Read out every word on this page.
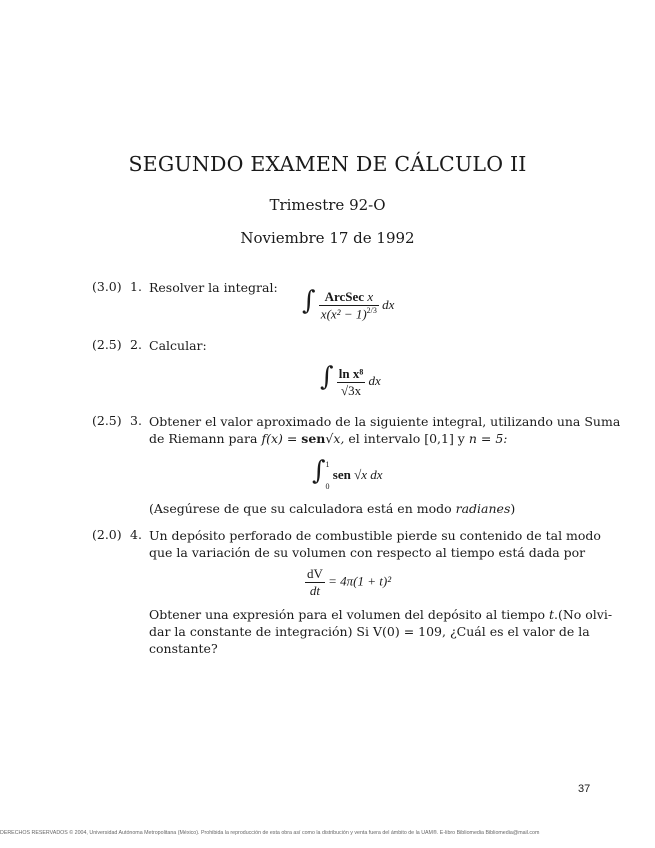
SEGUNDO EXAMEN DE CÁLCULO II
Trimestre 92-O
Noviembre 17 de 1992
(3.0) 1. Resolver la integral: ∫ $\frac{\text{ArcSec x}}{x(x^2 - 1)^{2/3}}$ dx
(2.5) 2. Calcular:
∫ $\frac{\text{ln x⁸}}{√3x}$ dx
(2.5) 3. Obtener el valor aproximado de la siguiente integral, utilizando una Suma
de Riemann para f(x) = sen√x, el intervalo [0,1] y n = 5:
∫ 1
0
sen √x dx
(Asegúrese de que su calculadora está en modo radianes)
(2.0) 4. Un depósito perforado de combustible pierde su contenido de tal modo
que la variación de su volumen con respecto al tiempo está dada por
$\frac{dV}{dt} = 4\pi(1 + t)^2$
Obtener una expresión para el volumen del depósito al tiempo t.(No olvi-
dar la constante de integración) Si V(0) = 109, ¿Cuál es el valor de la
constante?
37
DERECHOS RESERVADOS © 2004, Universidad Autónoma Metropolitana (México). Prohibida la reproducción de esta obra así como la distribución y venta fuera del ámbito de la UAM®. E-libro Bibliomedia Bibliomedia@mail.com
